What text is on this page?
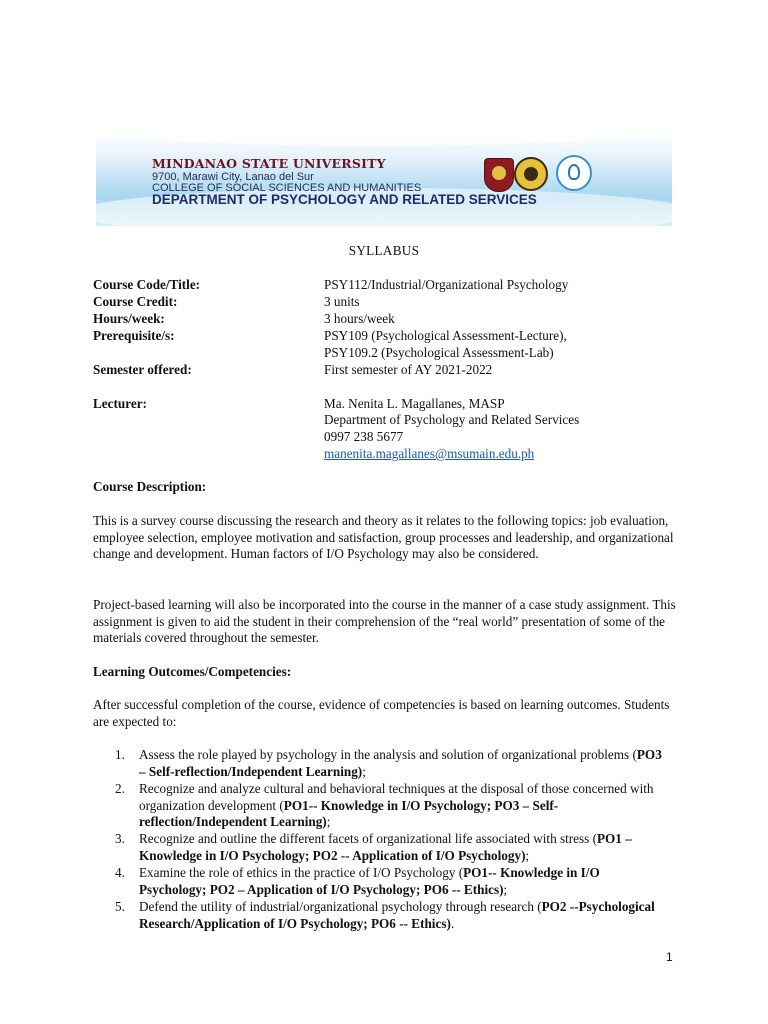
MINDANAO STATE UNIVERSITY
9700, Marawi City, Lanao del Sur
COLLEGE OF SOCIAL SCIENCES AND HUMANITIES
DEPARTMENT OF PSYCHOLOGY AND RELATED SERVICES
SYLLABUS
Course Code/Title:	PSY112/Industrial/Organizational Psychology
Course Credit:	3 units
Hours/week:	3 hours/week
Prerequisite/s:	PSY109 (Psychological Assessment-Lecture),
PSY109.2 (Psychological Assessment-Lab)
Semester offered:	First semester of AY 2021-2022
Lecturer:	Ma. Nenita L. Magallanes, MASP
Department of Psychology and Related Services
0997 238 5677
manenita.magallanes@msumain.edu.ph
Course Description:
This is a survey course discussing the research and theory as it relates to the following topics: job evaluation, employee selection, employee motivation and satisfaction, group processes and leadership, and organizational change and development. Human factors of I/O Psychology may also be considered.
Project-based learning will also be incorporated into the course in the manner of a case study assignment. This assignment is given to aid the student in their comprehension of the “real world” presentation of some of the materials covered throughout the semester.
Learning Outcomes/Competencies:
After successful completion of the course, evidence of competencies is based on learning outcomes. Students are expected to:
1. Assess the role played by psychology in the analysis and solution of organizational problems (PO3 – Self-reflection/Independent Learning);
2. Recognize and analyze cultural and behavioral techniques at the disposal of those concerned with organization development (PO1-- Knowledge in I/O Psychology; PO3 – Self-reflection/Independent Learning);
3. Recognize and outline the different facets of organizational life associated with stress (PO1 – Knowledge in I/O Psychology; PO2 -- Application of I/O Psychology);
4. Examine the role of ethics in the practice of I/O Psychology (PO1-- Knowledge in I/O Psychology; PO2 – Application of I/O Psychology; PO6 -- Ethics);
5. Defend the utility of industrial/organizational psychology through research (PO2 --Psychological Research/Application of I/O Psychology; PO6 -- Ethics).
1
